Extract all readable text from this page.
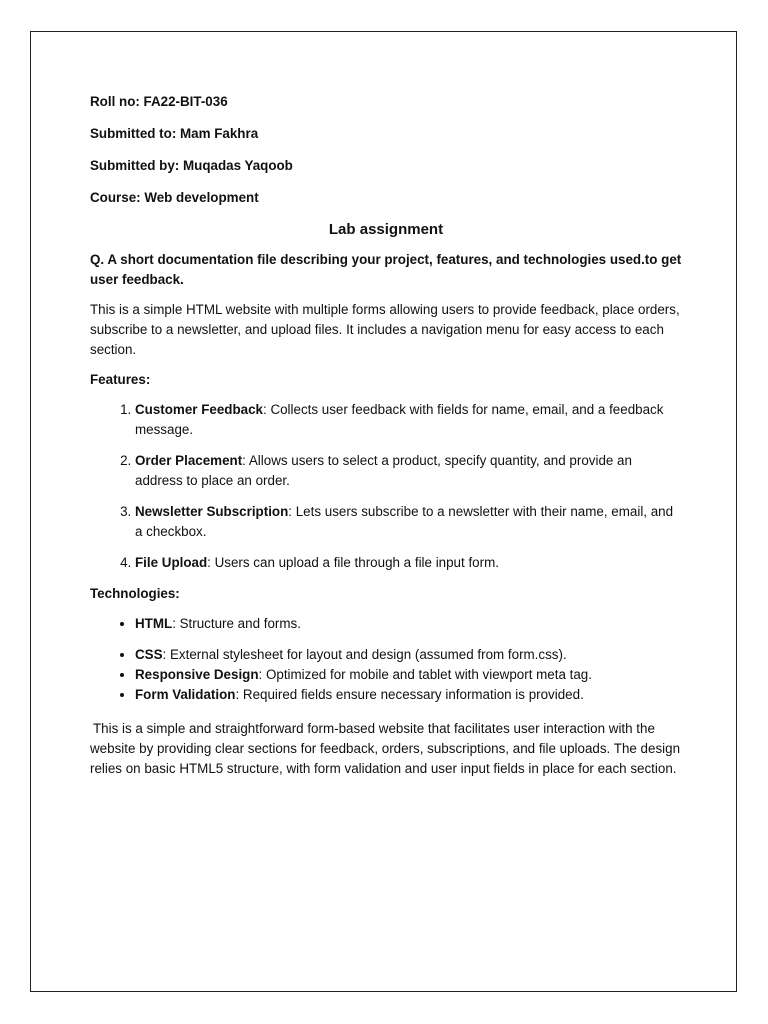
Roll no: FA22-BIT-036
Submitted to: Mam Fakhra
Submitted by: Muqadas Yaqoob
Course: Web development
Lab assignment
Q. A short documentation file describing your project, features, and technologies used.to get user feedback.

This is a simple HTML website with multiple forms allowing users to provide feedback, place orders, subscribe to a newsletter, and upload files. It includes a navigation menu for easy access to each section.

Features:
1. Customer Feedback: Collects user feedback with fields for name, email, and a feedback message.
2. Order Placement: Allows users to select a product, specify quantity, and provide an address to place an order.
3. Newsletter Subscription: Lets users subscribe to a newsletter with their name, email, and a checkbox.
4. File Upload: Users can upload a file through a file input form.
Technologies:
• HTML: Structure and forms.
• CSS: External stylesheet for layout and design (assumed from form.css).
• Responsive Design: Optimized for mobile and tablet with viewport meta tag.
• Form Validation: Required fields ensure necessary information is provided.

This is a simple and straightforward form-based website that facilitates user interaction with the website by providing clear sections for feedback, orders, subscriptions, and file uploads. The design relies on basic HTML5 structure, with form validation and user input fields in place for each section.
